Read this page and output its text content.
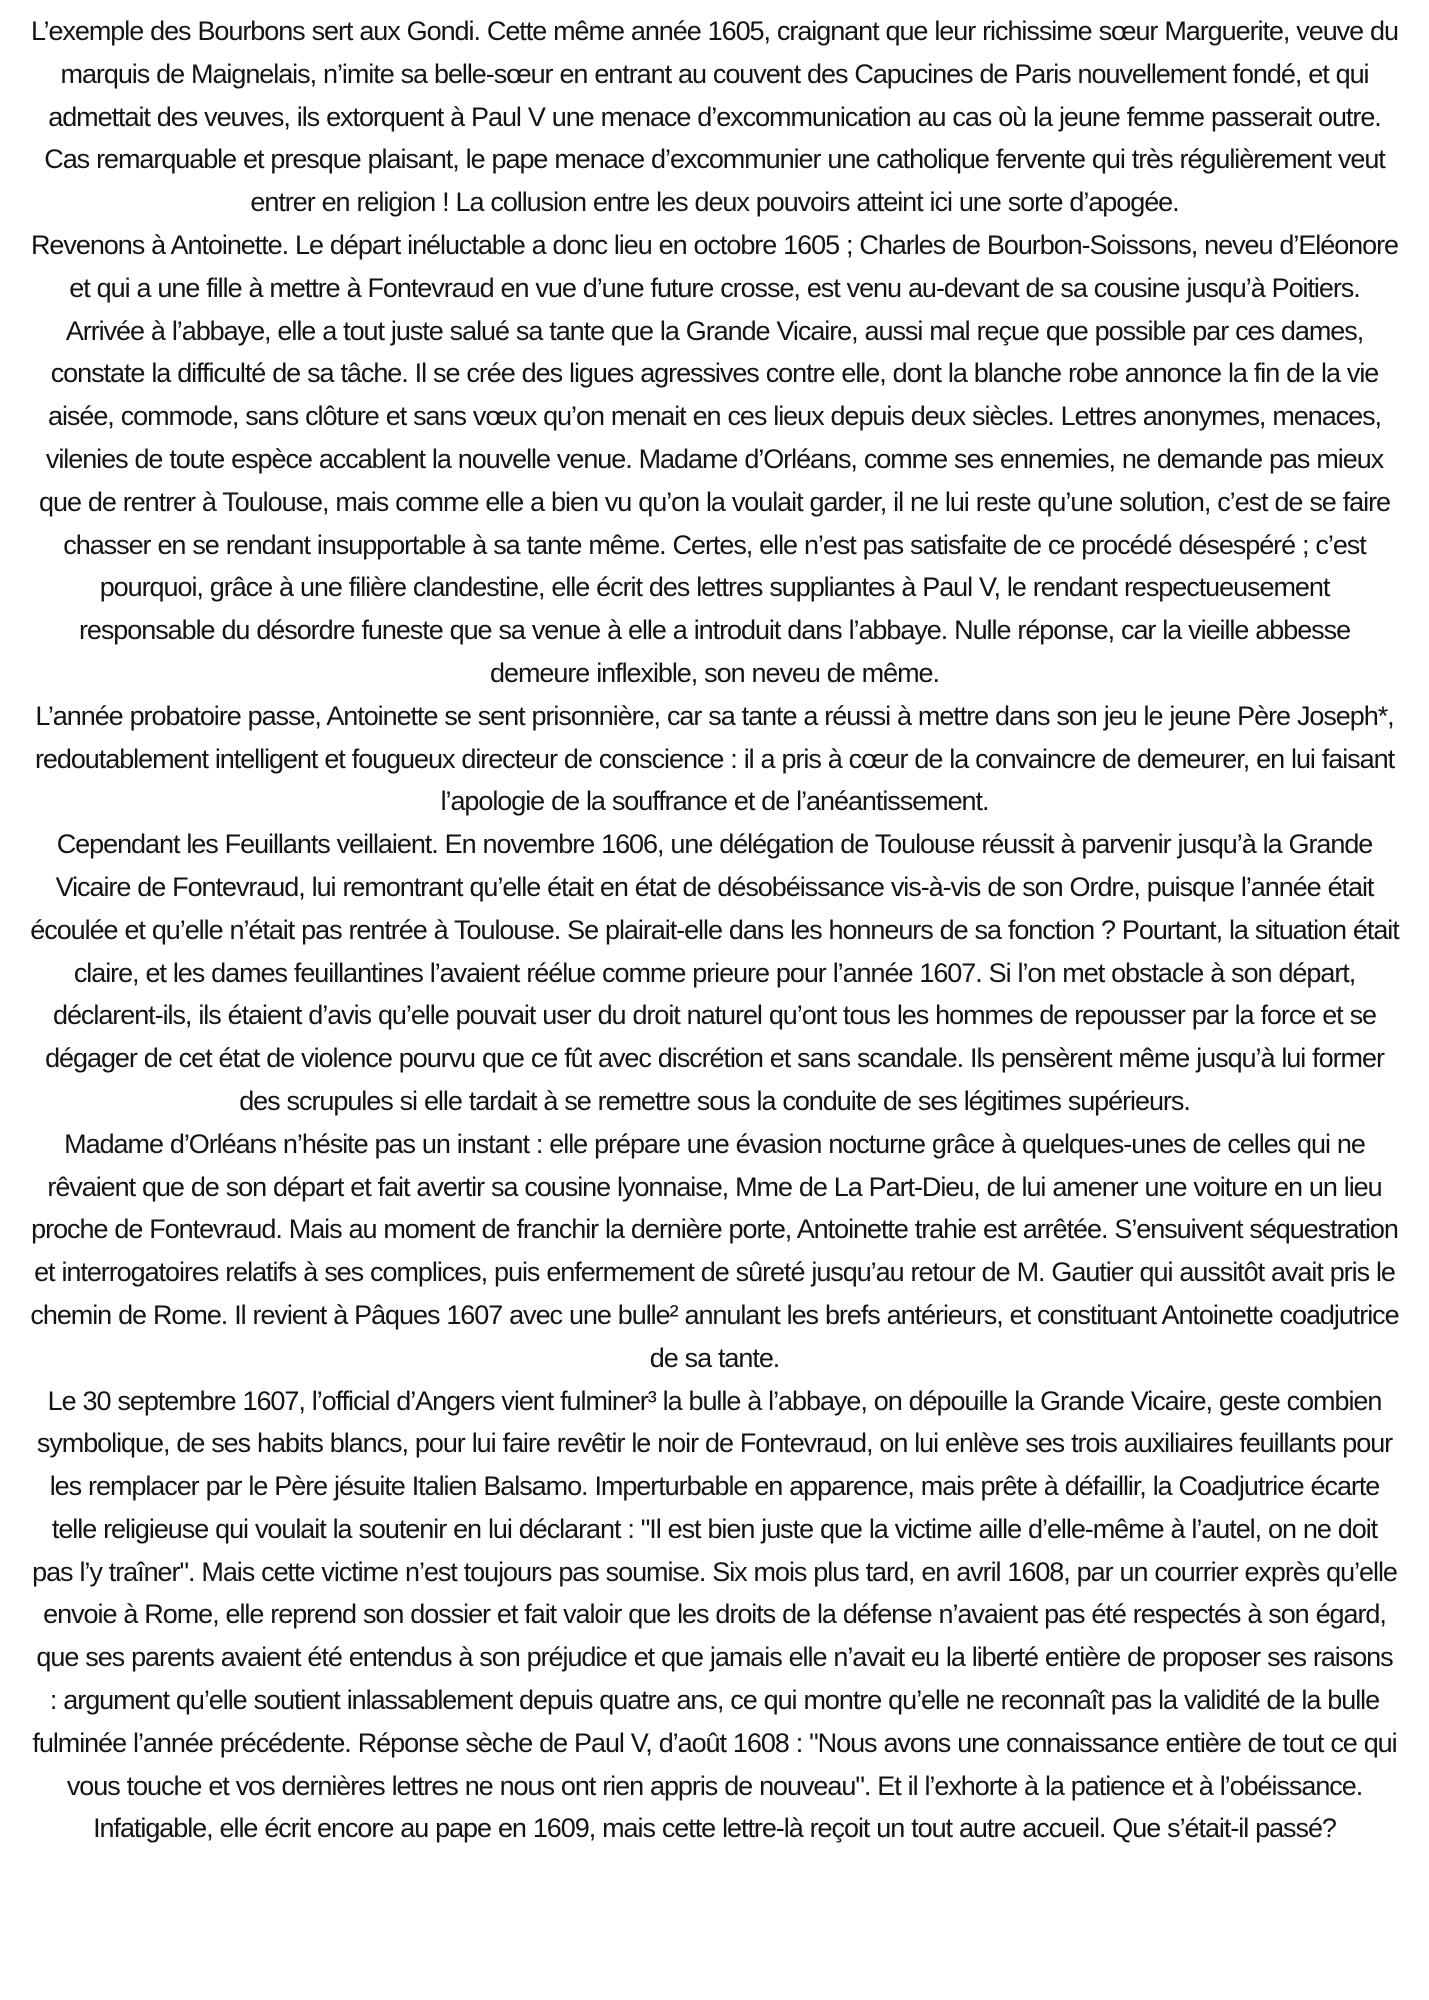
L’exemple des Bourbons sert aux Gondi. Cette même année 1605, craignant que leur richissime sœur Marguerite, veuve du marquis de Maignelais, n’imite sa belle-sœur en entrant au couvent des Capucines de Paris nouvellement fondé, et qui admettait des veuves, ils extorquent à Paul V une menace d’excommunication au cas où la jeune femme passerait outre. Cas remarquable et presque plaisant, le pape menace d’excommunier une catholique fervente qui très régulièrement veut entrer en religion ! La collusion entre les deux pouvoirs atteint ici une sorte d’apogée.

Revenons à Antoinette. Le départ inéluctable a donc lieu en octobre 1605 ; Charles de Bourbon-Soissons, neveu d’Eléonore et qui a une fille à mettre à Fontevraud en vue d’une future crosse, est venu au-devant de sa cousine jusqu’à Poitiers. Arrivée à l’abbaye, elle a tout juste salué sa tante que la Grande Vicaire, aussi mal reçue que possible par ces dames, constate la difficulté de sa tâche. Il se crée des ligues agressives contre elle, dont la blanche robe annonce la fin de la vie aisée, commode, sans clôture et sans vœux qu’on menait en ces lieux depuis deux siècles. Lettres anonymes, menaces, vilenies de toute espèce accablent la nouvelle venue. Madame d’Orléans, comme ses ennemies, ne demande pas mieux que de rentrer à Toulouse, mais comme elle a bien vu qu’on la voulait garder, il ne lui reste qu’une solution, c’est de se faire chasser en se rendant insupportable à sa tante même. Certes, elle n’est pas satisfaite de ce procédé désespéré ; c’est pourquoi, grâce à une filière clandestine, elle écrit des lettres suppliantes à Paul V, le rendant respectueusement responsable du désordre funeste que sa venue à elle a introduit dans l’abbaye. Nulle réponse, car la vieille abbesse demeure inflexible, son neveu de même.

L’année probatoire passe, Antoinette se sent prisonnière, car sa tante a réussi à mettre dans son jeu le jeune Père Joseph*, redoutablement intelligent et fougueux directeur de conscience : il a pris à cœur de la convaincre de demeurer, en lui faisant l’apologie de la souffrance et de l’anéantissement.

Cependant les Feuillants veillaient. En novembre 1606, une délégation de Toulouse réussit à parvenir jusqu’à la Grande Vicaire de Fontevraud, lui remontrant qu’elle était en état de désobéissance vis-à-vis de son Ordre, puisque l’année était écoulée et qu’elle n’était pas rentrée à Toulouse. Se plairait-elle dans les honneurs de sa fonction ? Pourtant, la situation était claire, et les dames feuillantines l’avaient réélue comme prieure pour l’année 1607. Si l’on met obstacle à son départ, déclarent-ils, ils étaient d’avis qu’elle pouvait user du droit naturel qu’ont tous les hommes de repousser par la force et se dégager de cet état de violence pourvu que ce fût avec discrétion et sans scandale. Ils pensèrent même jusqu’à lui former des scrupules si elle tardait à se remettre sous la conduite de ses légitimes supérieurs.

Madame d’Orléans n’hésite pas un instant : elle prépare une évasion nocturne grâce à quelques-unes de celles qui ne rêvaient que de son départ et fait avertir sa cousine lyonnaise, Mme de La Part-Dieu, de lui amener une voiture en un lieu proche de Fontevraud. Mais au moment de franchir la dernière porte, Antoinette trahie est arrêtée. S’ensuivent séquestration et interrogatoires relatifs à ses complices, puis enfermement de sûreté jusqu’au retour de M. Gautier qui aussitôt avait pris le chemin de Rome. Il revient à Pâques 1607 avec une bulle² annulant les brefs antérieurs, et constituant Antoinette coadjutrice de sa tante.

Le 30 septembre 1607, l’official d’Angers vient fulminer³ la bulle à l’abbaye, on dépouille la Grande Vicaire, geste combien symbolique, de ses habits blancs, pour lui faire revêtir le noir de Fontevraud, on lui enlève ses trois auxiliaires feuillants pour les remplacer par le Père jésuite Italien Balsamo. Imperturbable en apparence, mais prête à défaillir, la Coadjutrice écarte telle religieuse qui voulait la soutenir en lui déclarant : "Il est bien juste que la victime aille d’elle-même à l’autel, on ne doit pas l’y traîner". Mais cette victime n’est toujours pas soumise. Six mois plus tard, en avril 1608, par un courrier exprès qu’elle envoie à Rome, elle reprend son dossier et fait valoir que les droits de la défense n’avaient pas été respectés à son égard, que ses parents avaient été entendus à son préjudice et que jamais elle n’avait eu la liberté entière de proposer ses raisons : argument qu’elle soutient inlassablement depuis quatre ans, ce qui montre qu’elle ne reconnaît pas la validité de la bulle fulminée l’année précédente. Réponse sèche de Paul V, d’août 1608 : "Nous avons une connaissance entière de tout ce qui vous touche et vos dernières lettres ne nous ont rien appris de nouveau". Et il l’exhorte à la patience et à l’obéissance. Infatigable, elle écrit encore au pape en 1609, mais cette lettre-là reçoit un tout autre accueil. Que s’était-il passé?
